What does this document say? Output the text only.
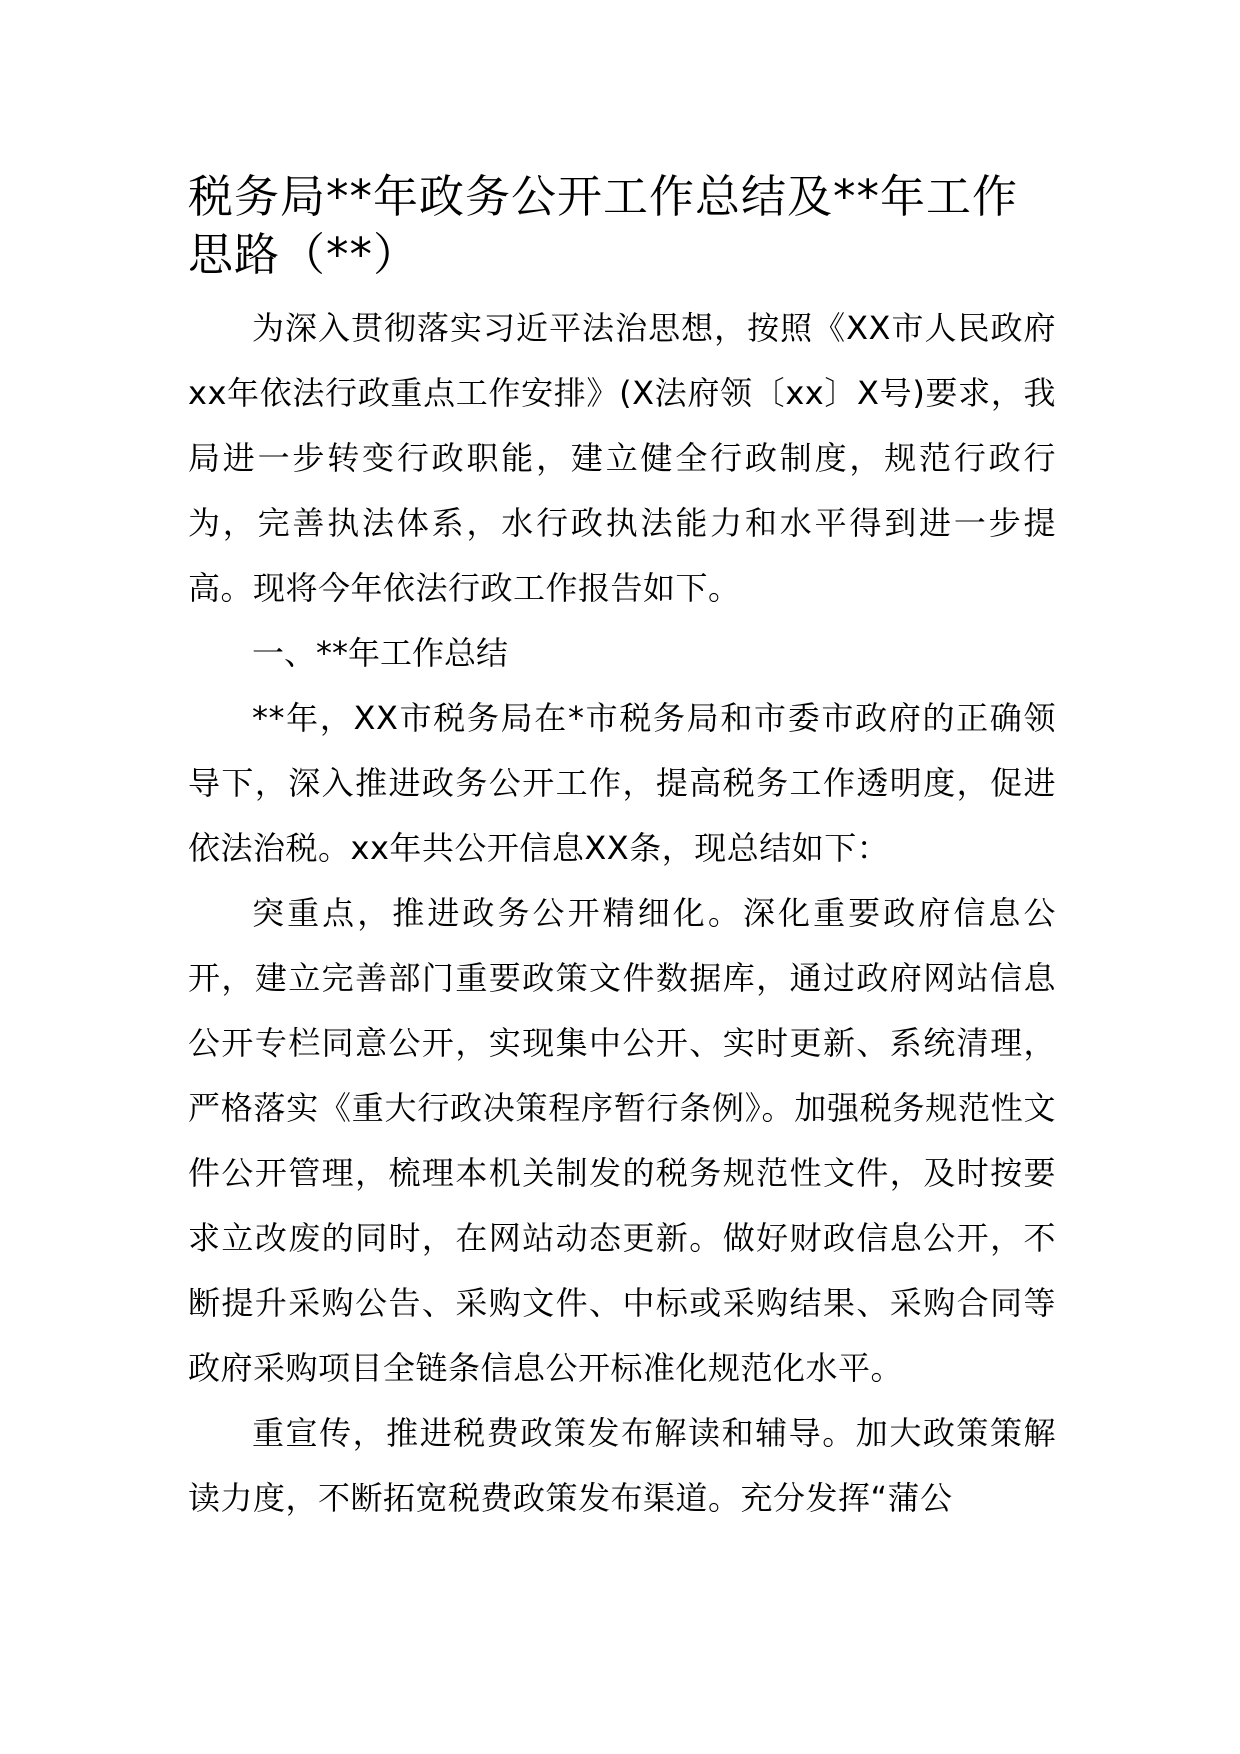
税务局**年政务公开工作总结及**年工作思路（**）

为深入贯彻落实习近平法治思想，按照《XX市人民政府xx年依法行政重点工作安排》(X法府领〔xx〕X号)要求，我局进一步转变行政职能，建立健全行政制度，规范行政行为，完善执法体系，水行政执法能力和水平得到进一步提高。现将今年依法行政工作报告如下。

一、**年工作总结

**年，XX市税务局在*市税务局和市委市政府的正确领导下，深入推进政务公开工作，提高税务工作透明度，促进依法治税。xx年共公开信息XX条，现总结如下：

突重点，推进政务公开精细化。深化重要政府信息公开，建立完善部门重要政策文件数据库，通过政府网站信息公开专栏同意公开，实现集中公开、实时更新、系统清理，严格落实《重大行政决策程序暂行条例》。加强税务规范性文件公开管理，梳理本机关制发的税务规范性文件，及时按要求立改废的同时，在网站动态更新。做好财政信息公开，不断提升采购公告、采购文件、中标或采购结果、采购合同等政府采购项目全链条信息公开标准化规范化水平。

重宣传，推进税费政策发布解读和辅导。加大政策策解读力度，不断拓宽税费政策发布渠道。充分发挥“蒲公
